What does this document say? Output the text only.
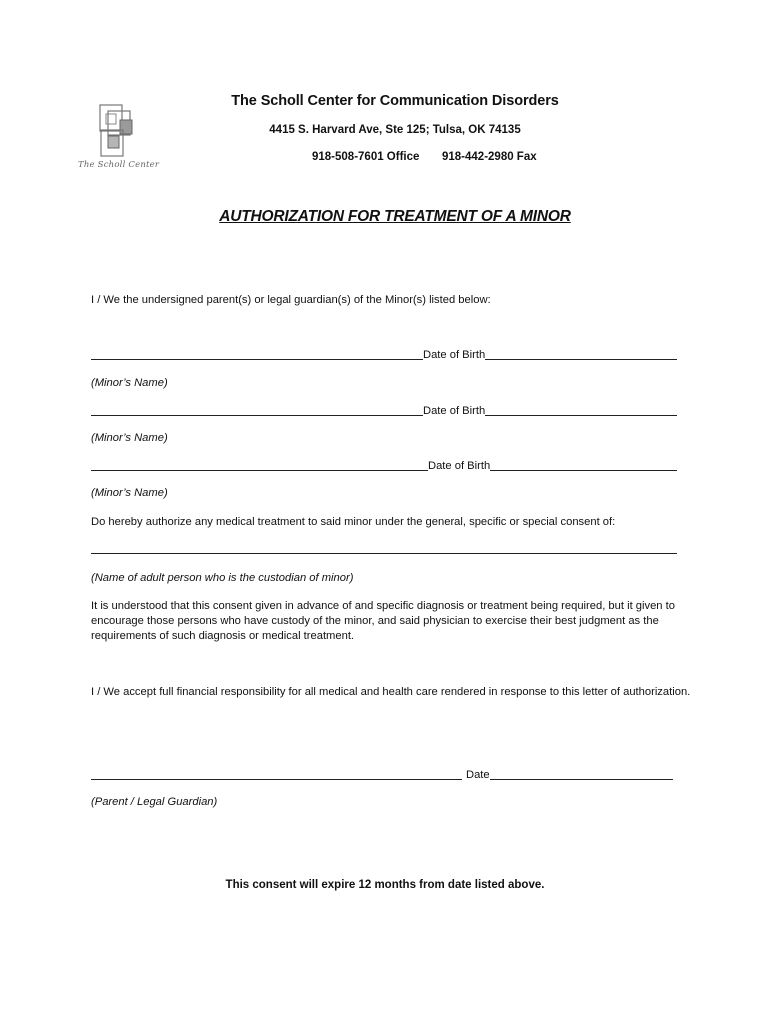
The Scholl Center
The Scholl Center for Communication Disorders
4415 S. Harvard Ave, Ste 125; Tulsa, OK 74135
918-508-7601 Office 918-442-2980 Fax
AUTHORIZATION FOR TREATMENT OF A MINOR
I / We the undersigned parent(s) or legal guardian(s) of the Minor(s) listed below:
Date of Birth
(Minor’s Name)
Date of Birth
(Minor’s Name)
Date of Birth
(Minor’s Name)
Do hereby authorize any medical treatment to said minor under the general, specific or special consent of:
(Name of adult person who is the custodian of minor)
It is understood that this consent given in advance of and specific diagnosis or treatment being required, but it given to encourage those persons who have custody of the minor, and said physician to exercise their best judgment as the requirements of such diagnosis or medical treatment.
I / We accept full financial responsibility for all medical and health care rendered in response to this letter of authorization.
Date
(Parent / Legal Guardian)
This consent will expire 12 months from date listed above.
